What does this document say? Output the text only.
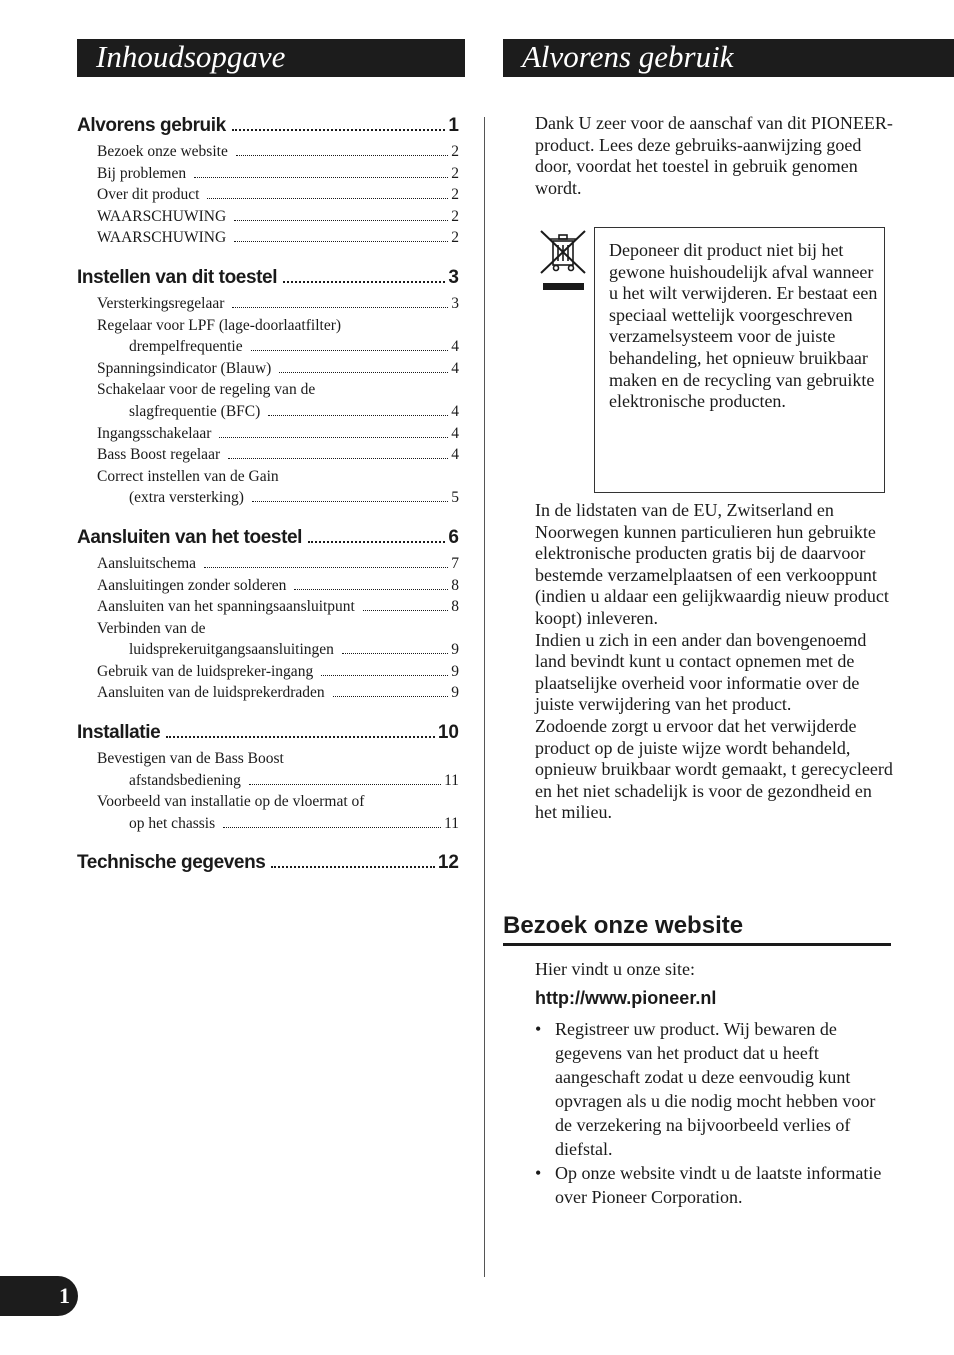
Inhoudsopgave	Alvorens gebruik
Alvorens gebruik	1
Bezoek onze website	2
Bij problemen	2
Over dit product	2
WAARSCHUWING	2
WAARSCHUWING	2
Instellen van dit toestel	3
Versterkingsregelaar	3
Regelaar voor LPF (lage-doorlaatfilter)
drempelfrequentie	4
Spanningsindicator (Blauw)	4
Schakelaar voor de regeling van de
slagfrequentie (BFC)	4
Ingangsschakelaar	4
Bass Boost regelaar	4
Correct instellen van de Gain
(extra versterking)	5
Aansluiten van het toestel	6
Aansluitschema	7
Aansluitingen zonder solderen	8
Aansluiten van het spanningsaansluitpunt	8
Verbinden van de
luidsprekeruitgangsaansluitingen	9
Gebruik van de luidspreker-ingang	9
Aansluiten van de luidsprekerdraden	9
Installatie	10
Bevestigen van de Bass Boost
afstandsbediening	11
Voorbeeld van installatie op de vloermat of
op het chassis	11
Technische gegevens	12
Dank U zeer voor de aanschaf van dit PIONEER-product. Lees deze gebruiks-aanwijzing goed door, voordat het toestel in gebruik genomen wordt.
Deponeer dit product niet bij het gewone huishoudelijk afval wanneer u het wilt verwijderen. Er bestaat een speciaal wettelijk voorgeschreven verzamelsysteem voor de juiste behandeling, het opnieuw bruikbaar maken en de recycling van gebruikte elektronische producten.
In de lidstaten van de EU, Zwitserland en Noorwegen kunnen particulieren hun gebruikte elektronische producten gratis bij de daarvoor bestemde verzamelplaatsen of een verkooppunt (indien u aldaar een gelijkwaardig nieuw product koopt) inleveren.
Indien u zich in een ander dan bovengenoemd land bevindt kunt u contact opnemen met de plaatselijke overheid voor informatie over de juiste verwijdering van het product.
Zodoende zorgt u ervoor dat het verwijderde product op de juiste wijze wordt behandeld, opnieuw bruikbaar wordt gemaakt, t gerecycleerd en het niet schadelijk is voor de gezondheid en het milieu.
Bezoek onze website
Hier vindt u onze site:
http://www.pioneer.nl
• Registreer uw product. Wij bewaren de gegevens van het product dat u heeft aangeschaft zodat u deze eenvoudig kunt opvragen als u die nodig mocht hebben voor de verzekering na bijvoorbeeld verlies of diefstal.
• Op onze website vindt u de laatste informatie over Pioneer Corporation.
1
